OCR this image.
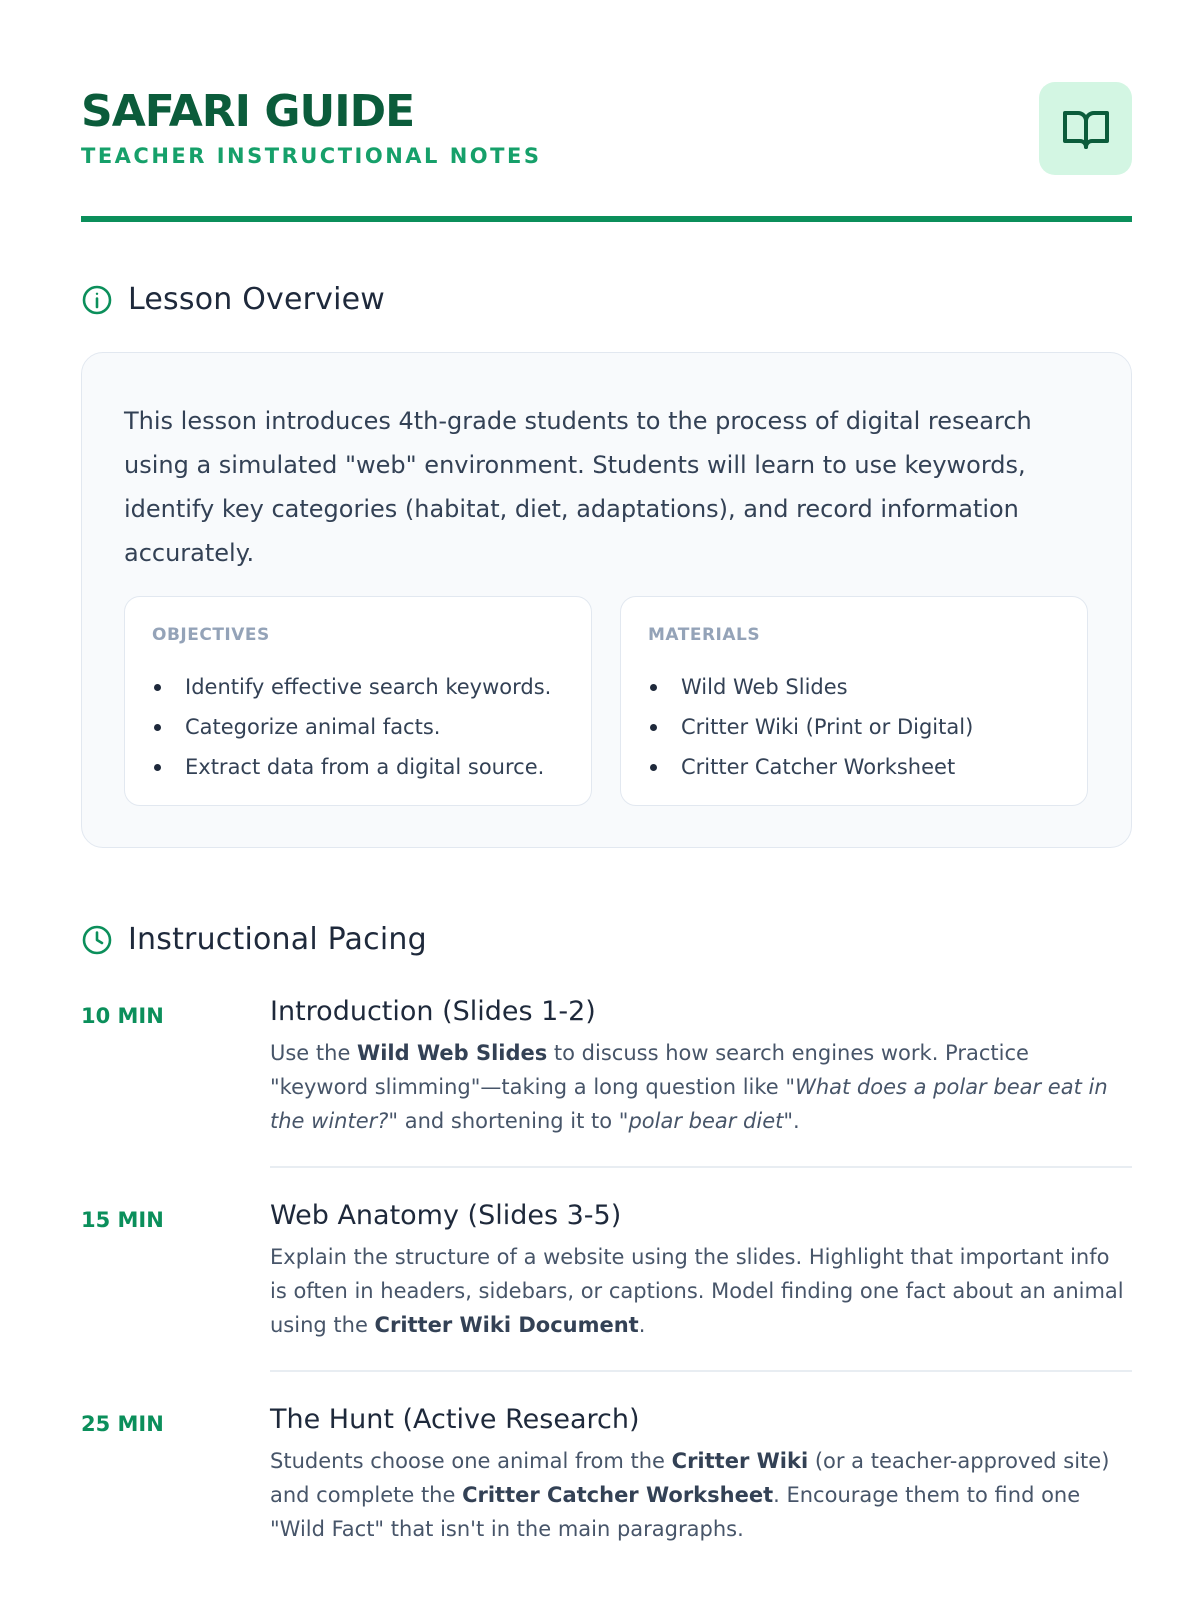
SAFARI GUIDE
TEACHER INSTRUCTIONAL NOTES
Lesson Overview
This lesson introduces 4th-grade students to the process of digital research using a simulated "web" environment. Students will learn to use keywords, identify key categories (habitat, diet, adaptations), and record information accurately.
OBJECTIVES
Identify effective search keywords.
Categorize animal facts.
Extract data from a digital source.
MATERIALS
Wild Web Slides
Critter Wiki (Print or Digital)
Critter Catcher Worksheet
Instructional Pacing
10 MIN	Introduction (Slides 1-2)

Use the Wild Web Slides to discuss how search engines work. Practice "keyword slimming"—taking a long question like "What does a polar bear eat in the winter?" and shortening it to "polar bear diet".

15 MIN	Web Anatomy (Slides 3-5)

Explain the structure of a website using the slides. Highlight that important info is often in headers, sidebars, or captions. Model finding one fact about an animal using the Critter Wiki Document.

25 MIN	The Hunt (Active Research)

Students choose one animal from the Critter Wiki (or a teacher-approved site) and complete the Critter Catcher Worksheet. Encourage them to find one "Wild Fact" that isn't in the main paragraphs.
